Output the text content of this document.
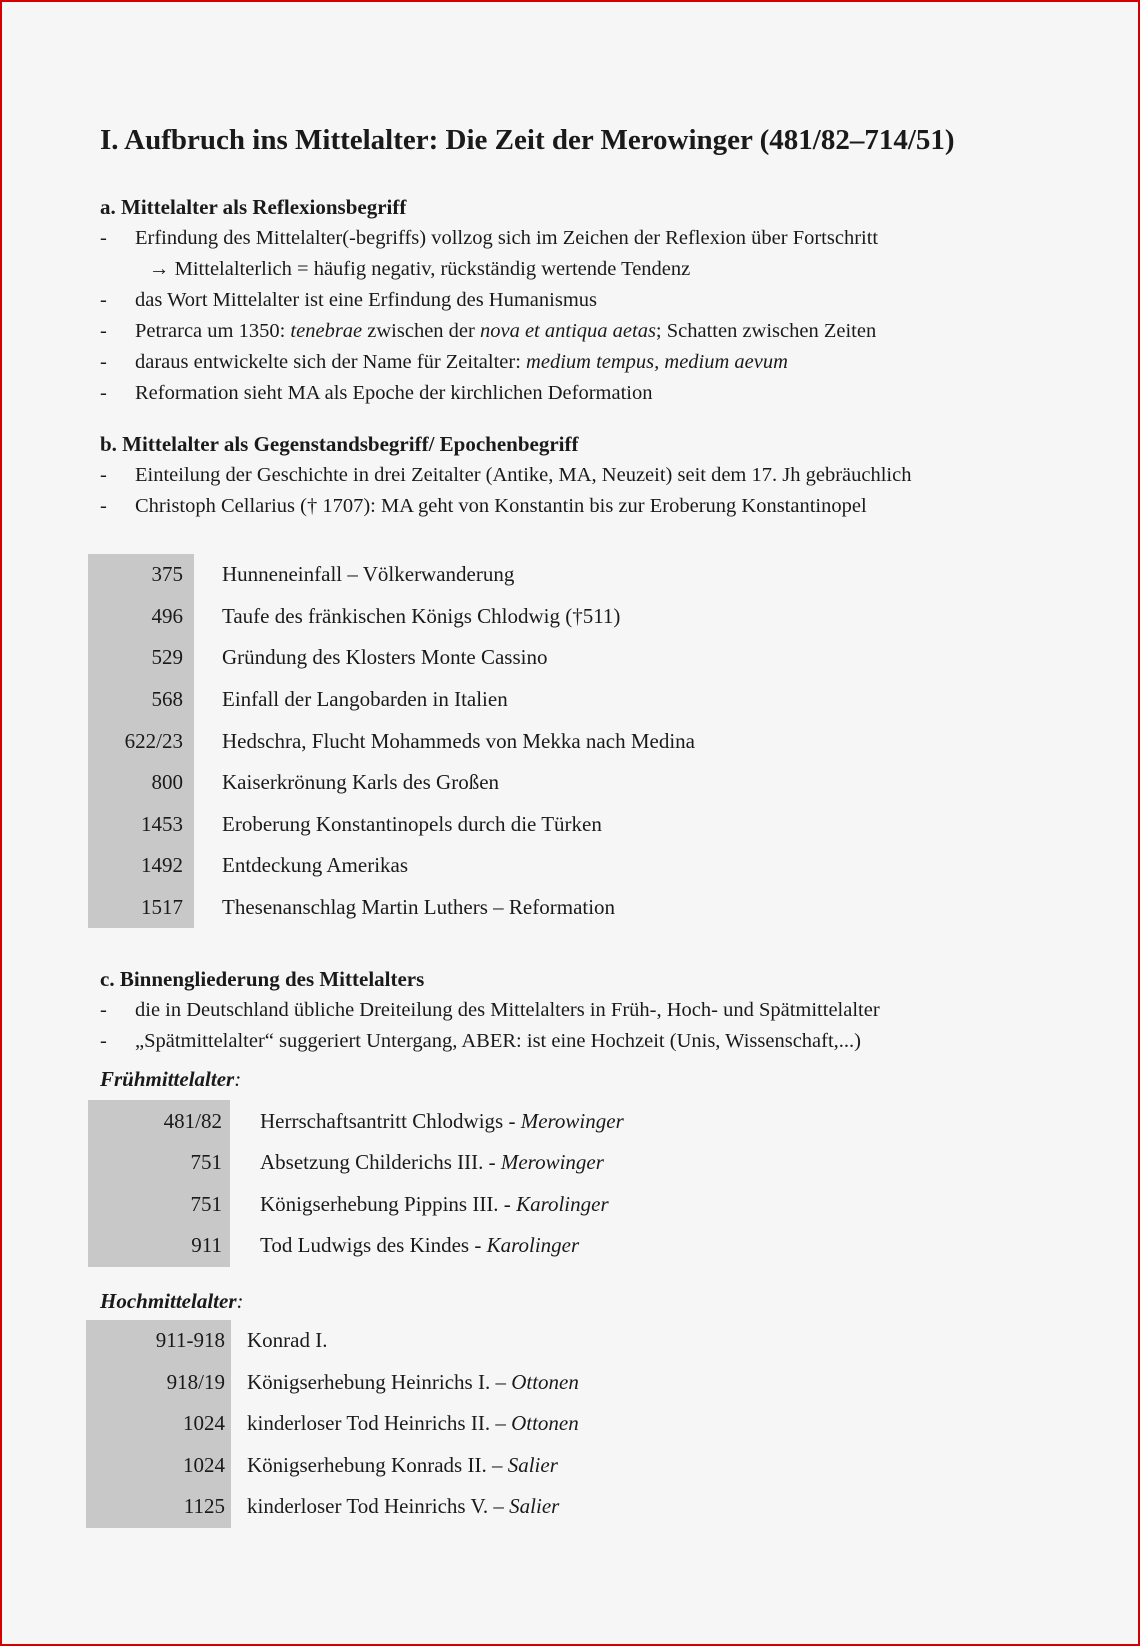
I. Aufbruch ins Mittelalter: Die Zeit der Merowinger (481/82–714/51)
a. Mittelalter als Reflexionsbegriff
- Erfindung des Mittelalter(-begriffs) vollzog sich im Zeichen der Reflexion über Fortschritt
→ Mittelalterlich = häufig negativ, rückständig wertende Tendenz
- das Wort Mittelalter ist eine Erfindung des Humanismus
- Petrarca um 1350: tenebrae zwischen der nova et antiqua aetas; Schatten zwischen Zeiten
- daraus entwickelte sich der Name für Zeitalter: medium tempus, medium aevum
- Reformation sieht MA als Epoche der kirchlichen Deformation
b. Mittelalter als Gegenstandsbegriff/ Epochenbegriff
- Einteilung der Geschichte in drei Zeitalter (Antike, MA, Neuzeit) seit dem 17. Jh gebräuchlich
- Christoph Cellarius († 1707): MA geht von Konstantin bis zur Eroberung Konstantinopel
375	Hunneneinfall – Völkerwanderung
496	Taufe des fränkischen Königs Chlodwig (†511)
529	Gründung des Klosters Monte Cassino
568	Einfall der Langobarden in Italien
622/23	Hedschra, Flucht Mohammeds von Mekka nach Medina
800	Kaiserkrönung Karls des Großen
1453	Eroberung Konstantinopels durch die Türken
1492	Entdeckung Amerikas
1517	Thesenanschlag Martin Luthers – Reformation
c. Binnengliederung des Mittelalters
- die in Deutschland übliche Dreiteilung des Mittelalters in Früh-, Hoch- und Spätmittelalter
- „Spätmittelalter“ suggeriert Untergang, ABER: ist eine Hochzeit (Unis, Wissenschaft,...)
Frühmittelalter:
481/82	Herrschaftsantritt Chlodwigs - Merowinger
751	Absetzung Childerichs III. - Merowinger
751	Königserhebung Pippins III. - Karolinger
911	Tod Ludwigs des Kindes - Karolinger
Hochmittelalter:
911-918	Konrad I.
918/19	Königserhebung Heinrichs I. – Ottonen
1024	kinderloser Tod Heinrichs II. – Ottonen
1024	Königserhebung Konrads II. – Salier
1125	kinderloser Tod Heinrichs V. – Salier
